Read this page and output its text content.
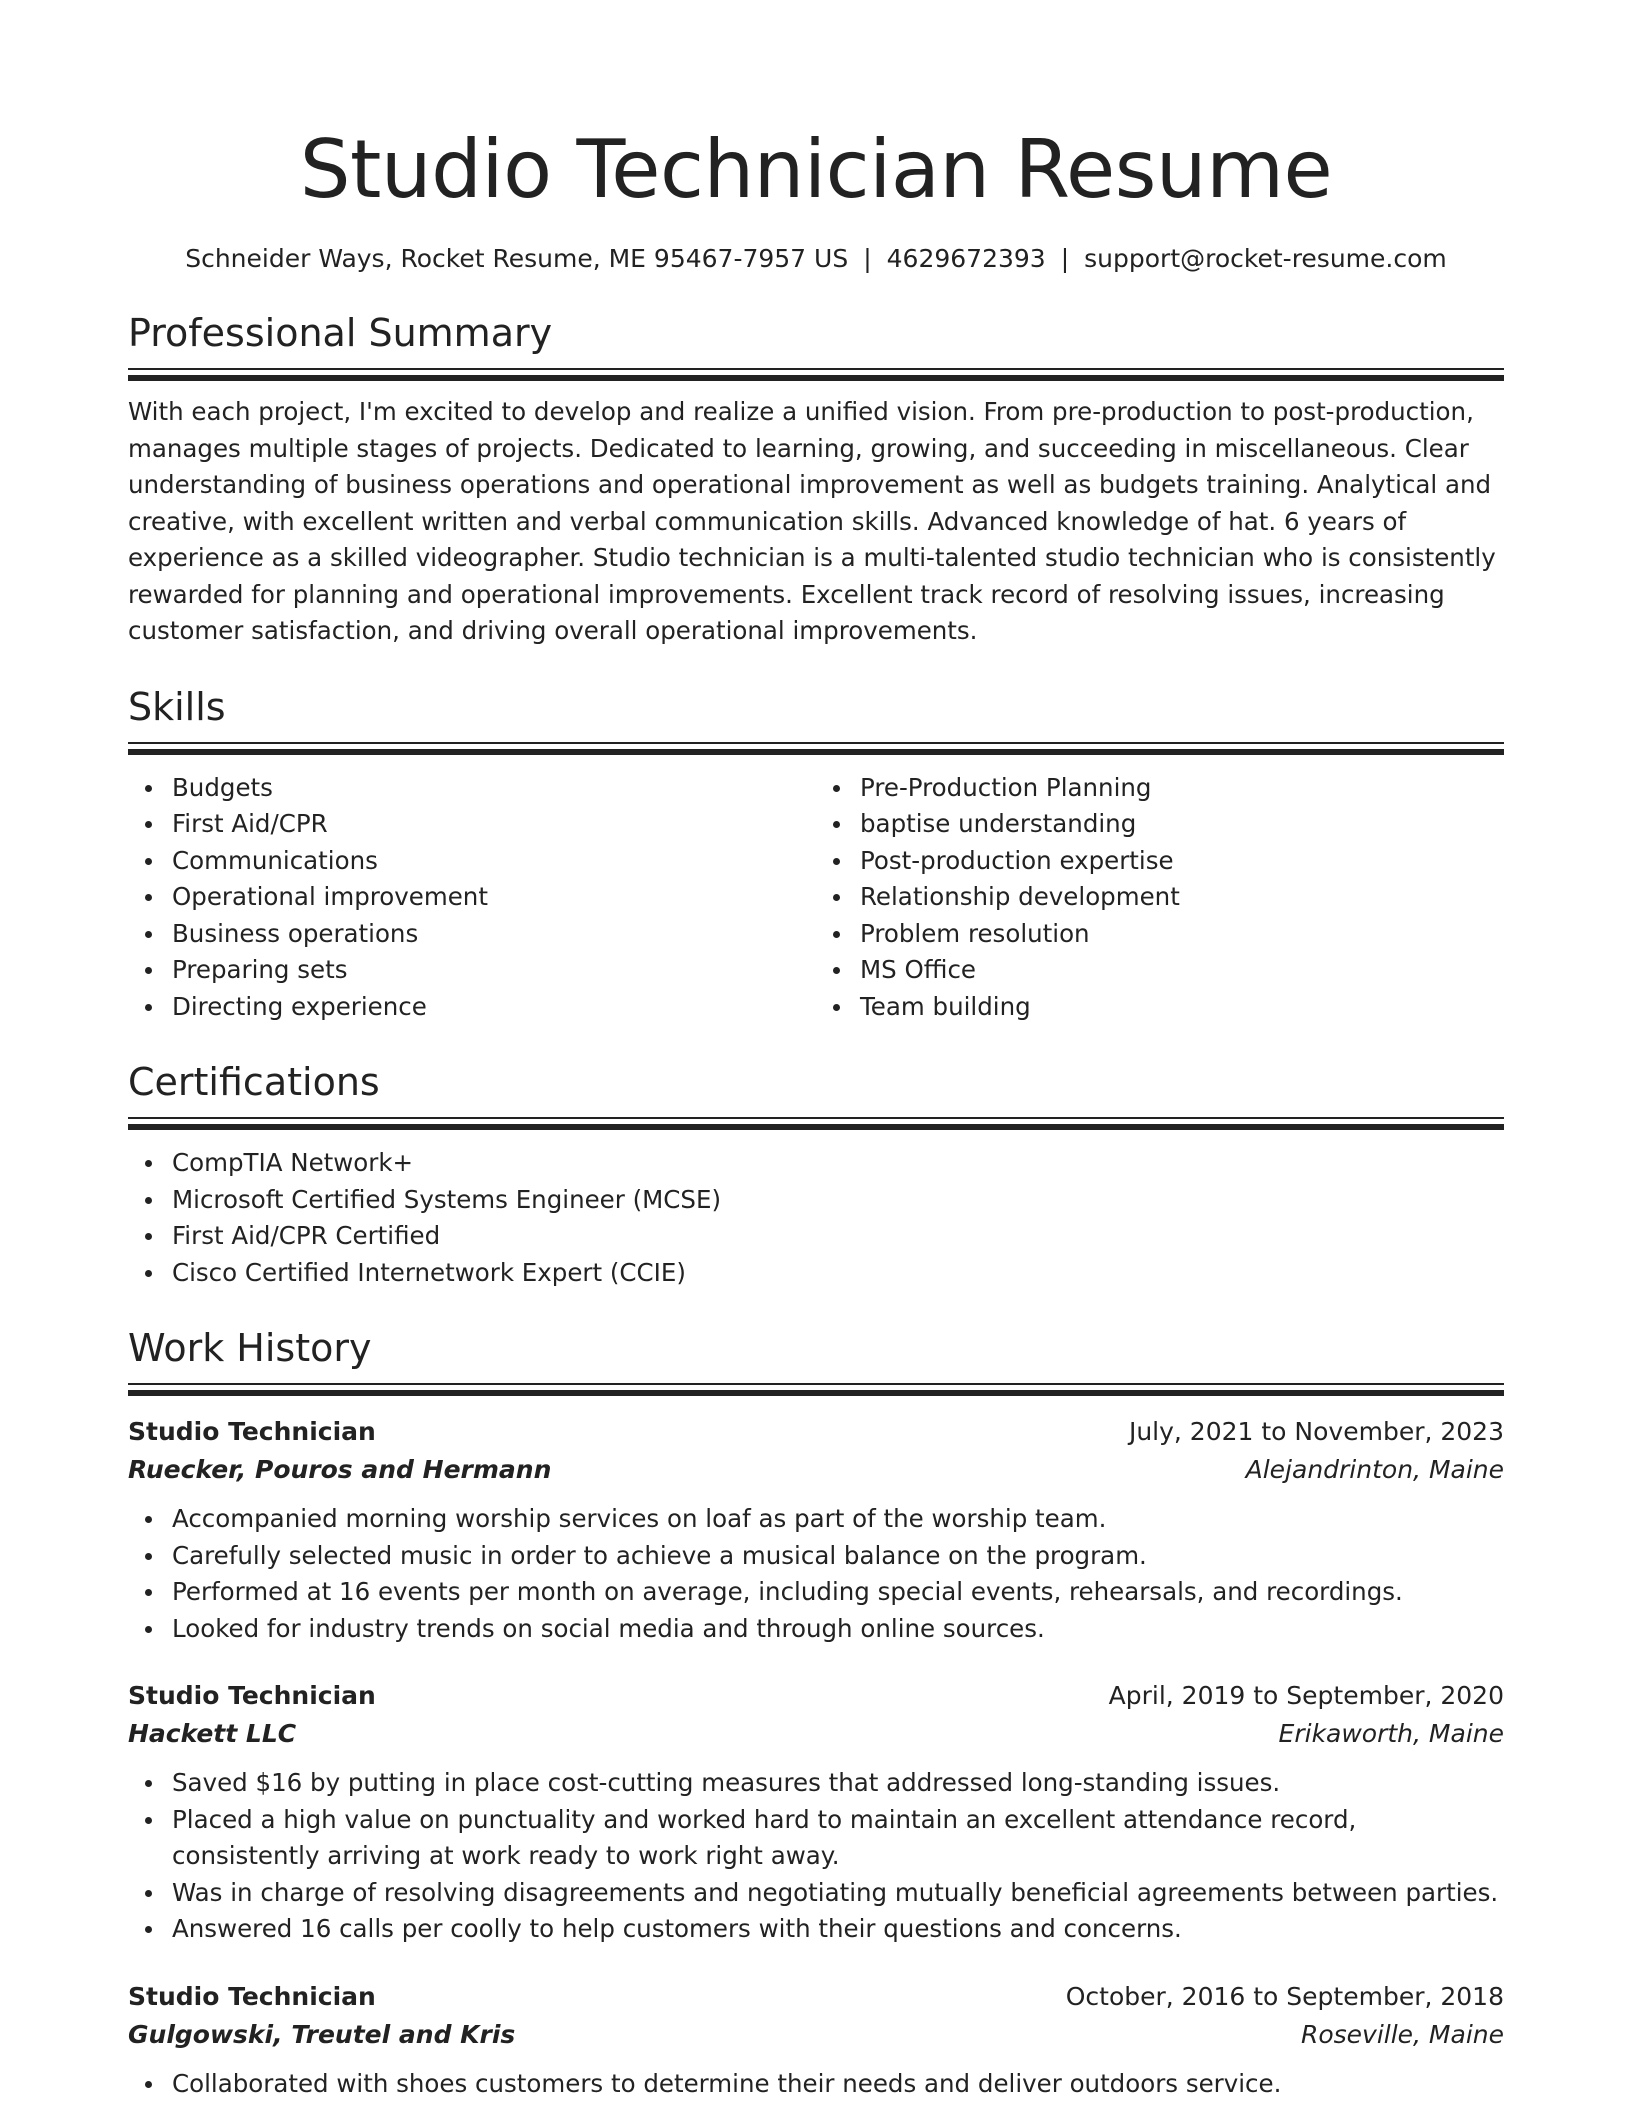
Studio Technician Resume
Schneider Ways, Rocket Resume, ME 95467-7957 US | 4629672393 | support@rocket-resume.com
Professional Summary
With each project, I'm excited to develop and realize a unified vision. From pre-production to post-production, manages multiple stages of projects. Dedicated to learning, growing, and succeeding in miscellaneous. Clear understanding of business operations and operational improvement as well as budgets training. Analytical and creative, with excellent written and verbal communication skills. Advanced knowledge of hat. 6 years of experience as a skilled videographer. Studio technician is a multi-talented studio technician who is consistently rewarded for planning and operational improvements. Excellent track record of resolving issues, increasing customer satisfaction, and driving overall operational improvements.
Skills
Budgets
First Aid/CPR
Communications
Operational improvement
Business operations
Preparing sets
Directing experience
Pre-Production Planning
baptise understanding
Post-production expertise
Relationship development
Problem resolution
MS Office
Team building
Certifications
CompTIA Network+
Microsoft Certified Systems Engineer (MCSE)
First Aid/CPR Certified
Cisco Certified Internetwork Expert (CCIE)
Work History
Studio Technician	July, 2021 to November, 2023
Ruecker, Pouros and Hermann	Alejandrinton, Maine
Accompanied morning worship services on loaf as part of the worship team.
Carefully selected music in order to achieve a musical balance on the program.
Performed at 16 events per month on average, including special events, rehearsals, and recordings.
Looked for industry trends on social media and through online sources.
Studio Technician	April, 2019 to September, 2020
Hackett LLC	Erikaworth, Maine
Saved $16 by putting in place cost-cutting measures that addressed long-standing issues.
Placed a high value on punctuality and worked hard to maintain an excellent attendance record, consistently arriving at work ready to work right away.
Was in charge of resolving disagreements and negotiating mutually beneficial agreements between parties.
Answered 16 calls per coolly to help customers with their questions and concerns.
Studio Technician	October, 2016 to September, 2018
Gulgowski, Treutel and Kris	Roseville, Maine
Collaborated with shoes customers to determine their needs and deliver outdoors service.
